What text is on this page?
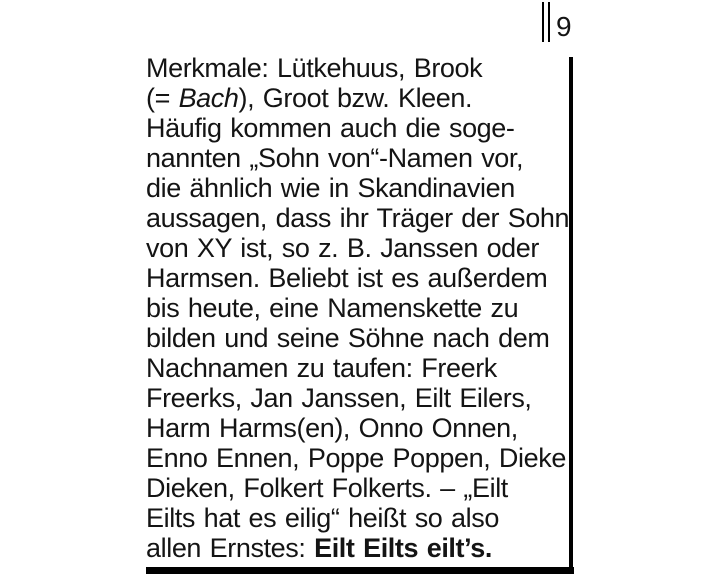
9
Merkmale: Lütkehuus, Brook
(= Bach), Groot bzw. Kleen.
Häufig kommen auch die soge-
nannten „Sohn von“-Namen vor,
die ähnlich wie in Skandinavien
aussagen, dass ihr Träger der Sohn
von XY ist, so z. B. Janssen oder
Harmsen. Beliebt ist es außerdem
bis heute, eine Namenskette zu
bilden und seine Söhne nach dem
Nachnamen zu taufen: Freerk
Freerks, Jan Janssen, Eilt Eilers,
Harm Harms(en), Onno Onnen,
Enno Ennen, Poppe Poppen, Dieke
Dieken, Folkert Folkerts. – „Eilt
Eilts hat es eilig“ heißt so also
allen Ernstes: Eilt Eilts eilt’s.
